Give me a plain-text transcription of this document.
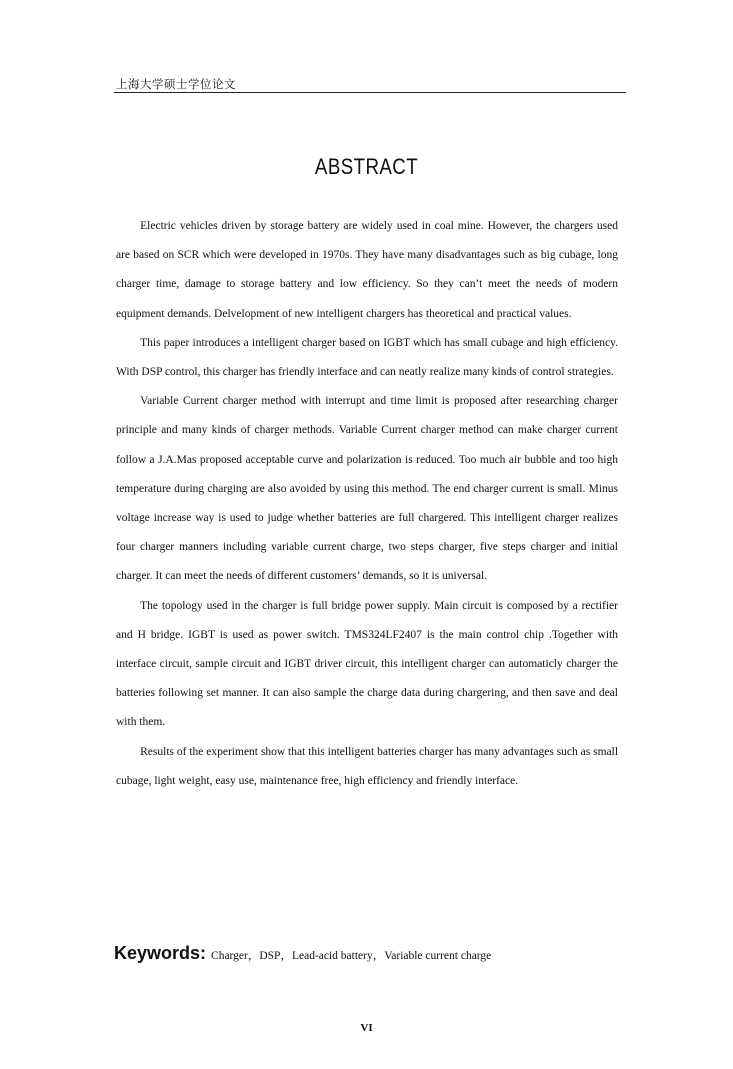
上海大学硕士学位论文
ABSTRACT

Electric vehicles driven by storage battery are widely used in coal mine. However, the chargers used are based on SCR which were developed in 1970s. They have many disadvantages such as big cubage, long charger time, damage to storage battery and low efficiency. So they can’t meet the needs of modern equipment demands. Delvelopment of new intelligent chargers has theoretical and practical values.

This paper introduces a intelligent charger based on IGBT which has small cubage and high efficiency. With DSP control, this charger has friendly interface and can neatly realize many kinds of control strategies.

Variable Current charger method with interrupt and time limit is proposed after researching charger principle and many kinds of charger methods. Variable Current charger method can make charger current follow a J.A.Mas proposed acceptable curve and polarization is reduced. Too much air bubble and too high temperature during charging are also avoided by using this method. The end charger current is small. Minus voltage increase way is used to judge whether batteries are full chargered. This intelligent charger realizes four charger manners including variable current charge, two steps charger, five steps charger and initial charger. It can meet the needs of different customers’ demands, so it is universal.

The topology used in the charger is full bridge power supply. Main circuit is composed by a rectifier and H bridge. IGBT is used as power switch. TMS324LF2407 is the main control chip .Together with interface circuit, sample circuit and IGBT driver circuit, this intelligent charger can automaticly charger the batteries following set manner. It can also sample the charge data during chargering, and then save and deal with them.

Results of the experiment show that this intelligent batteries charger has many advantages such as small cubage, light weight, easy use, maintenance free, high efficiency and friendly interface.

Keywords: Charger，DSP，Lead-acid battery，Variable current charge
VI
